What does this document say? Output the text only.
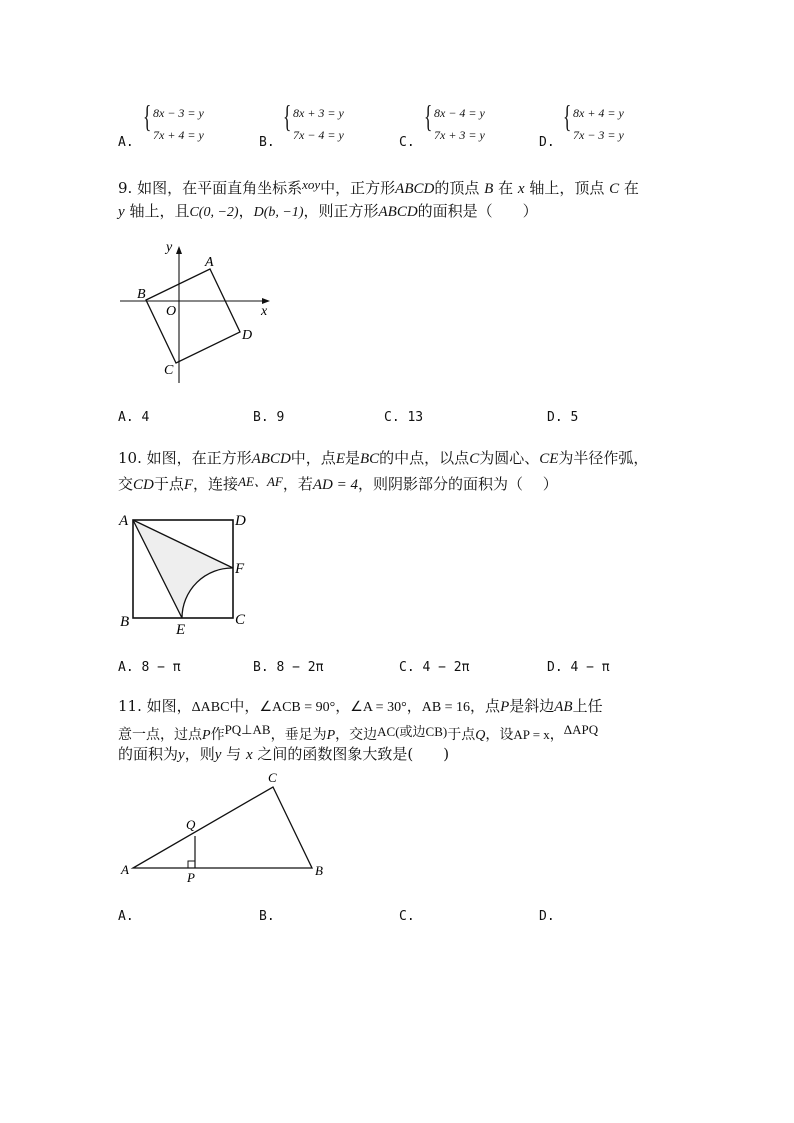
A.
{ 8x − 3 = y
7x + 4 = y	B.
{ 8x + 3 = y
7x − 4 = y	C.
{ 8x − 4 = y
7x + 3 = y	D.
{ 8x + 4 = y
7x − 3 = y
9. 如图，在平面直角坐标系xoy中，正方形ABCD的顶点 B 在 x 轴上，顶点 C 在
y 轴上，且C(0, −2)，D(b, −1)，则正方形ABCD的面积是（　　）
A
B
C
D
O	x
y
A. 4	B. 9	C. 13	D. 5
10. 如图，在正方形ABCD中，点E是BC的中点，以点C为圆心、CE为半径作弧，
交CD于点F，连接AE、AF，若AD = 4，则阴影部分的面积为（　 ）
A	D
B	C
E
F
A. 8 − π	B. 8 − 2π	C. 4 − 2π	D. 4 − π
11. 如图，ΔABC中，∠ACB = 90°，∠A = 30°，AB = 16，点P是斜边AB上任
意一点，过点P作PQ⊥AB，垂足为P，交边AC(或边CB)于点Q，设AP = x，ΔAPQ
的面积为y，则y 与 x 之间的函数图象大致是(　　)
A	B
C
P
Q
A.	B.	C.	D.
